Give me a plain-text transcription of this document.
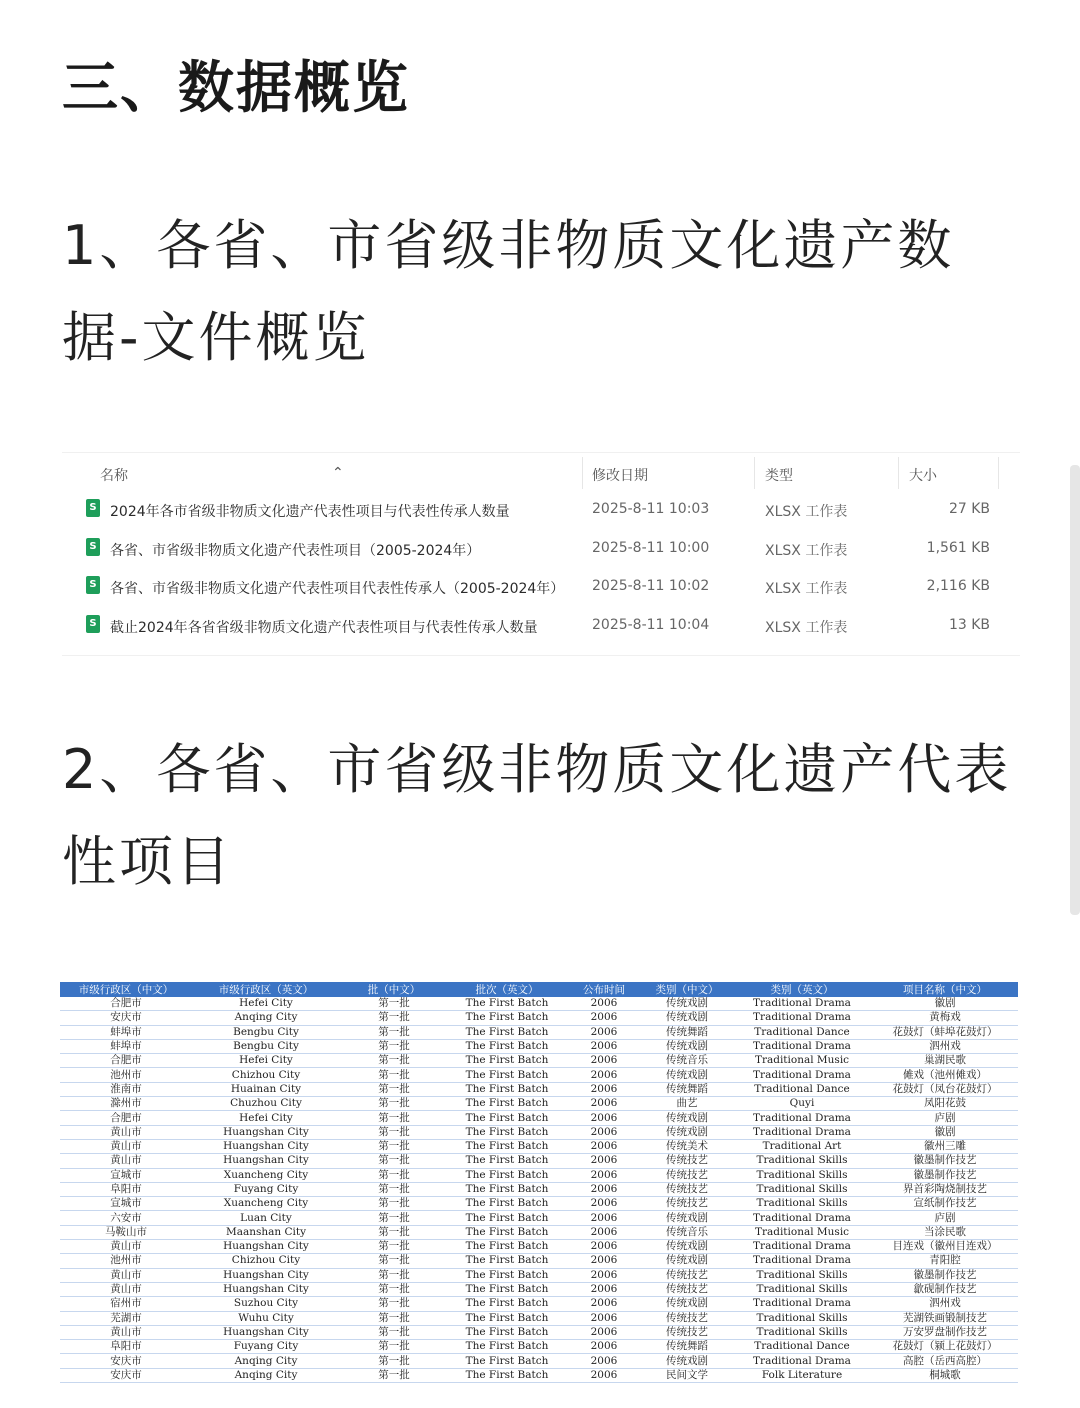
三、数据概览
1、各省、市省级非物质文化遗产数据-文件概览
名称	⌃	修改日期	类型	大小
S 2024年各市省级非物质文化遗产代表性项目与代表性传承人数量	2025-8-11 10:03	XLSX 工作表	27 KB
S 各省、市省级非物质文化遗产代表性项目（2005-2024年）	2025-8-11 10:00	XLSX 工作表	1,561 KB
S 各省、市省级非物质文化遗产代表性项目代表性传承人（2005-2024年） 2025-8-11 10:02	XLSX 工作表	2,116 KB
S 截止2024年各省省级非物质文化遗产代表性项目与代表性传承人数量	2025-8-11 10:04	XLSX 工作表	13 KB
2、各省、市省级非物质文化遗产代表性项目
市级行政区（中文）	市级行政区（英文）	批（中文）	批次（英文）	公布时间	类别（中文）	类别（英文）	项目名称（中文）
合肥市	Hefei City	第一批	The First Batch	2006	传统戏剧	Traditional Drama	徽剧
安庆市	Anqing City	第一批	The First Batch	2006	传统戏剧	Traditional Drama	黄梅戏
蚌埠市	Bengbu City	第一批	The First Batch	2006	传统舞蹈	Traditional Dance	花鼓灯（蚌埠花鼓灯）
蚌埠市	Bengbu City	第一批	The First Batch	2006	传统戏剧	Traditional Drama	泗州戏
合肥市	Hefei City	第一批	The First Batch	2006	传统音乐	Traditional Music	巢湖民歌
池州市	Chizhou City	第一批	The First Batch	2006	传统戏剧	Traditional Drama	傩戏（池州傩戏）
淮南市	Huainan City	第一批	The First Batch	2006	传统舞蹈	Traditional Dance	花鼓灯（凤台花鼓灯）
滁州市	Chuzhou City	第一批	The First Batch	2006	曲艺	Quyi	凤阳花鼓
合肥市	Hefei City	第一批	The First Batch	2006	传统戏剧	Traditional Drama	庐剧
黄山市	Huangshan City	第一批	The First Batch	2006	传统戏剧	Traditional Drama	徽剧
黄山市	Huangshan City	第一批	The First Batch	2006	传统美术	Traditional Art	徽州三雕
黄山市	Huangshan City	第一批	The First Batch	2006	传统技艺	Traditional Skills	徽墨制作技艺
宣城市	Xuancheng City	第一批	The First Batch	2006	传统技艺	Traditional Skills	徽墨制作技艺
阜阳市	Fuyang City	第一批	The First Batch	2006	传统技艺	Traditional Skills	界首彩陶烧制技艺
宣城市	Xuancheng City	第一批	The First Batch	2006	传统技艺	Traditional Skills	宣纸制作技艺
六安市	Luan City	第一批	The First Batch	2006	传统戏剧	Traditional Drama	庐剧
马鞍山市	Maanshan City	第一批	The First Batch	2006	传统音乐	Traditional Music	当涂民歌
黄山市	Huangshan City	第一批	The First Batch	2006	传统戏剧	Traditional Drama	目连戏（徽州目连戏）
池州市	Chizhou City	第一批	The First Batch	2006	传统戏剧	Traditional Drama	青阳腔
黄山市	Huangshan City	第一批	The First Batch	2006	传统技艺	Traditional Skills	徽墨制作技艺
黄山市	Huangshan City	第一批	The First Batch	2006	传统技艺	Traditional Skills	歙砚制作技艺
宿州市	Suzhou City	第一批	The First Batch	2006	传统戏剧	Traditional Drama	泗州戏
芜湖市	Wuhu City	第一批	The First Batch	2006	传统技艺	Traditional Skills	芜湖铁画锻制技艺
黄山市	Huangshan City	第一批	The First Batch	2006	传统技艺	Traditional Skills	万安罗盘制作技艺
阜阳市	Fuyang City	第一批	The First Batch	2006	传统舞蹈	Traditional Dance	花鼓灯（颍上花鼓灯）
安庆市	Anqing City	第一批	The First Batch	2006	传统戏剧	Traditional Drama	高腔（岳西高腔）
安庆市	Anqing City	第一批	The First Batch	2006	民间文学	Folk Literature	桐城歌
